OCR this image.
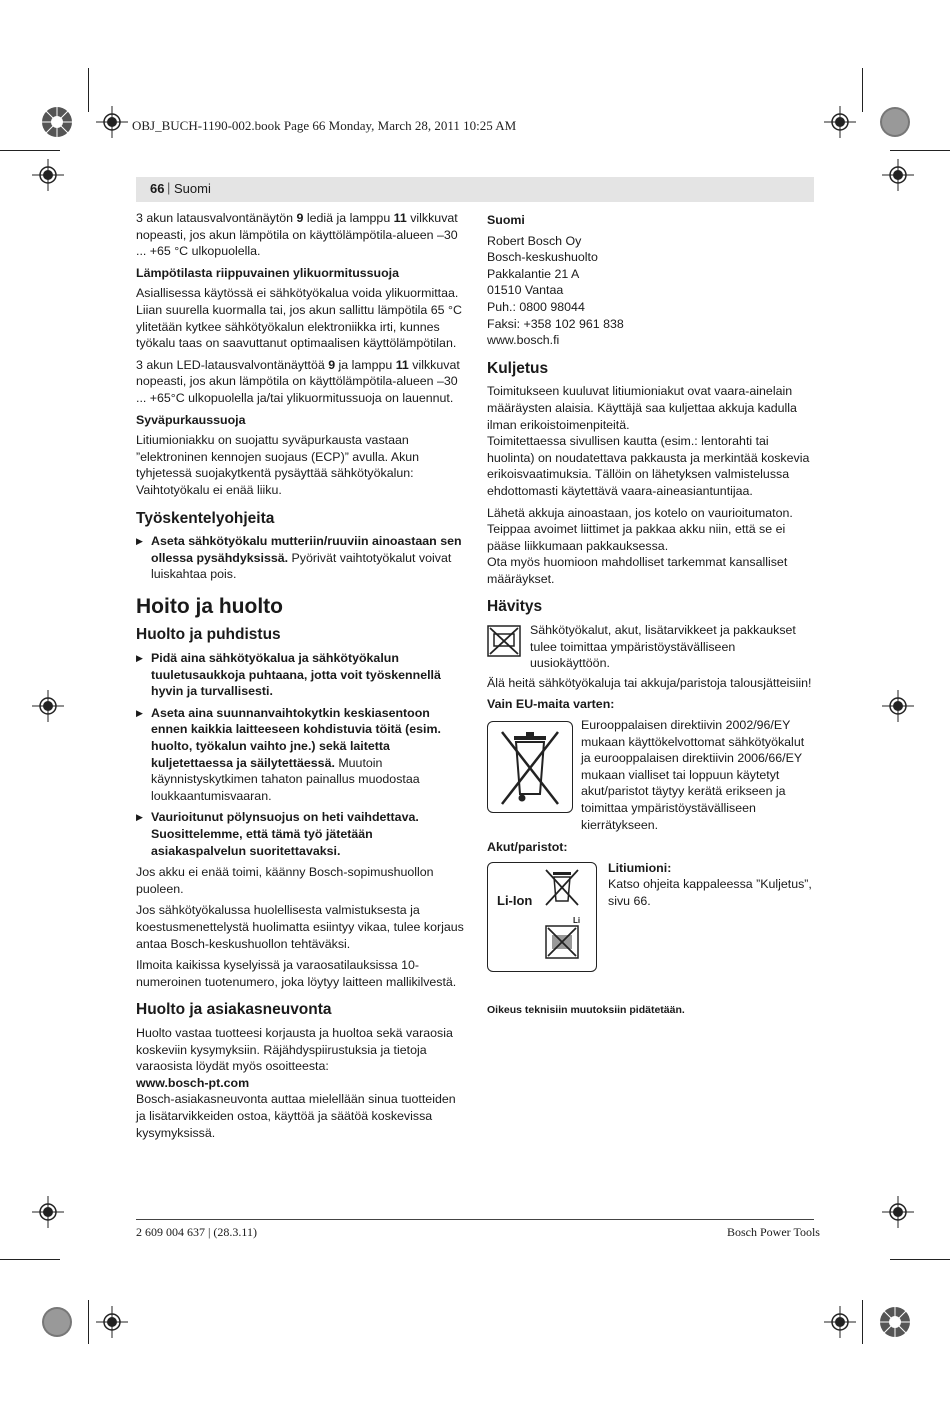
OBJ_BUCH-1190-002.book Page 66 Monday, March 28, 2011 10:25 AM
66 | Suomi

3 akun latausvalvontänäytön 9 lediä ja lamppu 11 vilkkuvat nopeasti, jos akun lämpötila on käyttölämpötila-alueen –30 ... +65 °C ulkopuolella.

Lämpötilasta riippuvainen ylikuormitussuoja

Asiallisessa käytössä ei sähkötyökalua voida ylikuormittaa. Liian suurella kuormalla tai, jos akun sallittu lämpötila 65 °C ylitetään kytkee sähkötyökalun elektroniikka irti, kunnes työkalu taas on saavuttanut optimaalisen käyttölämpötilan.

3 akun LED-latausvalvontänäyttöä 9 ja lamppu 11 vilkkuvat nopeasti, jos akun lämpötila on käyttölämpötila-alueen –30 ... +65°C ulkopuolella ja/tai ylikuormitussuoja on lauennut.

Syväpurkaussuoja

Litiumioniakku on suojattu syväpurkausta vastaan ”elektroninen kennojen suojaus (ECP)” avulla. Akun tyhjetessä suojakytkentä pysäyttää sähkötyökalun: Vaihtotyökalu ei enää liiku.

Työskentelyohjeita

▶ Aseta sähkötyökalu mutteriin/ruuviin ainoastaan sen ollessa pysähdyksissä. Pyörivät vaihtotyökalut voivat luiskahtaa pois.

Hoito ja huolto
Huolto ja puhdistus

▶ Pidä aina sähkötyökalua ja sähkötyökalun tuuletusaukkoja puhtaana, jotta voit työskennellä hyvin ja turvallisesti.

▶ Aseta aina suunnanvaihtokytkin keskiasentoon ennen kaikkia laitteeseen kohdistuvia töitä (esim. huolto, työkalun vaihto jne.) sekä laitetta kuljetettaessa ja säilytettäessä. Muutoin käynnistyskytkimen tahaton painallus muodostaa loukkaantumisvaaran.

▶ Vaurioitunut pölynsuojus on heti vaihdettava. Suosittelemme, että tämä työ jätetään asiakaspalvelun suoritettavaksi.

Jos akku ei enää toimi, käänny Bosch-sopimushuollon puoleen.

Jos sähkötyökalussa huolellisesta valmistuksesta ja koestusmenettelystä huolimatta esiintyy vikaa, tulee korjaus antaa Bosch-keskushuollon tehtäväksi.

Ilmoita kaikissa kyselyissä ja varaosatilauksissa 10-numeroinen tuotenumero, joka löytyy laitteen mallikilvestä.

Huolto ja asiakasneuvonta

Huolto vastaa tuotteesi korjausta ja huoltoa sekä varaosia koskeviin kysymyksiin. Räjähdyspiirustuksia ja tietoja varaosista löydät myös osoitteesta:
www.bosch-pt.com
Bosch-asiakasneuvonta auttaa mielellään sinua tuotteiden ja lisätarvikkeiden ostoa, käyttöä ja säätöä koskevissa kysymyksissä.

Suomi
Robert Bosch Oy
Bosch-keskushuolto
Pakkalantie 21 A
01510 Vantaa
Puh.: 0800 98044
Faksi: +358 102 961 838
www.bosch.fi
Kuljetus

Toimitukseen kuuluvat litiumioniakut ovat vaara-ainelain määräysten alaisia. Käyttäjä saa kuljettaa akkuja kadulla ilman erikoistoimenpiteitä.

Toimitettaessa sivullisen kautta (esim.: lentorahti tai huolinta) on noudatettava pakkausta ja merkintää koskevia erikoisvaatimuksia. Tällöin on lähetyksen valmistelussa ehdottomasti käytettävä vaara-aineasiantuntijaa.

Lähetä akkuja ainoastaan, jos kotelo on vaurioitumaton. Teippaa avoimet liittimet ja pakkaa akku niin, että se ei pääse liikkumaan pakkauksessa.

Ota myös huomioon mahdolliset tarkemmat kansalliset määräykset.

Hävitys
Sähkötyökalut, akut, lisätarvikkeet ja pakkaukset tulee toimittaa ympäristöystävälliseen uusiokäyttöön.

Älä heitä sähkötyökaluja tai akkuja/paristoja talousjätteisiin!

Vain EU-maita varten:
Eurooppalaisen direktiivin 2002/96/EY mukaan käyttökelvottomat sähkötyökalut ja eurooppalaisen direktiivin 2006/66/EY mukaan vialliset tai loppuun käytetyt akut/paristot täytyy kerätä erikseen ja toimittaa ympäristöystävälliseen kierrätykseen.
Akut/paristot:
Li-Ion
Li
Litiumioni:
Katso ohjeita kappaleessa ”Kuljetus”, sivu 66.
Oikeus teknisiin muutoksiin pidätetään.
2 609 004 637 | (28.3.11)	Bosch Power Tools
